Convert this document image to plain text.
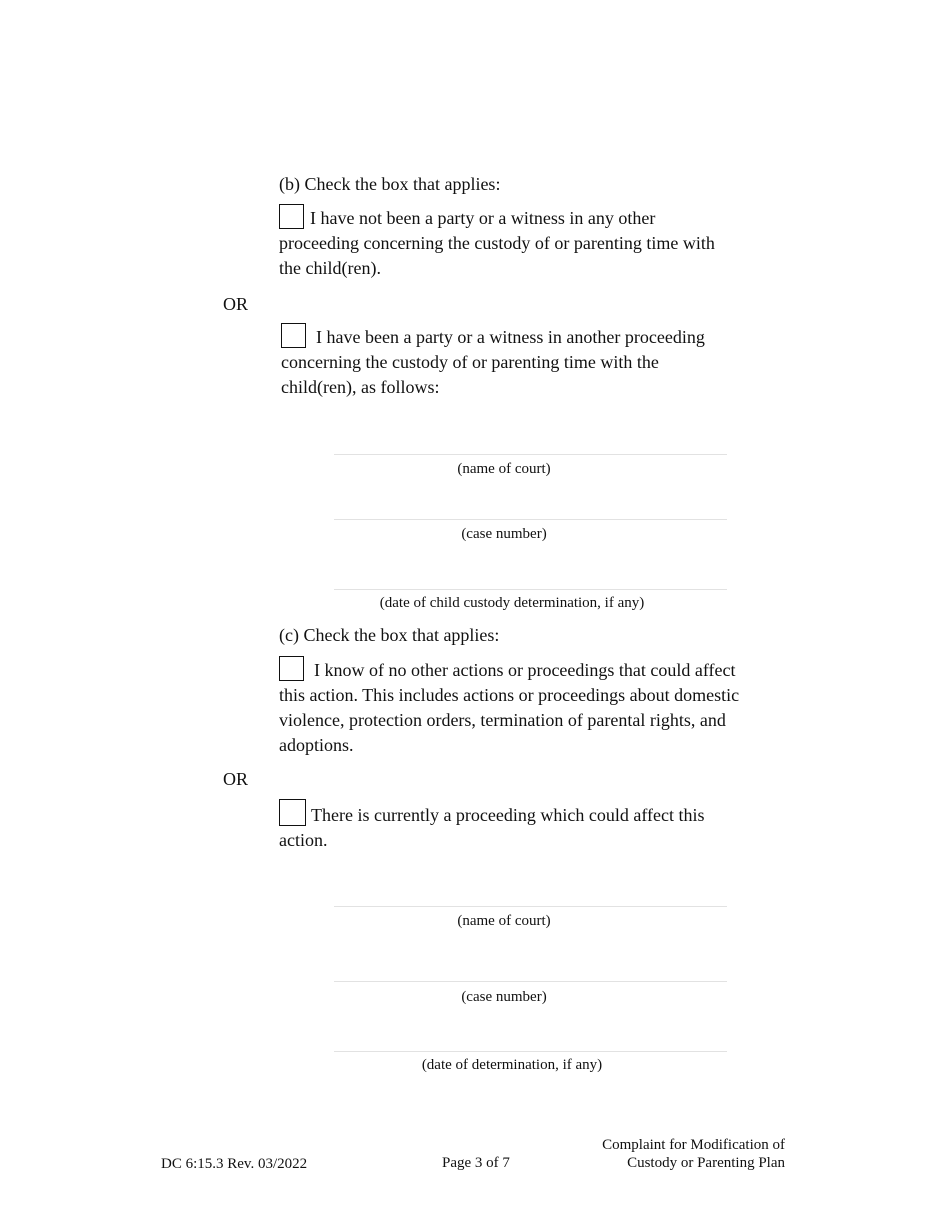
(b) Check the box that applies:
I have not been a party or a witness in any other proceeding concerning the custody of or parenting time with the child(ren).
OR
I have been a party or a witness in another proceeding concerning the custody of or parenting time with the child(ren), as follows:
(name of court)
(case number)
(date of child custody determination, if any)
(c) Check the box that applies:
I know of no other actions or proceedings that could affect this action. This includes actions or proceedings about domestic violence, protection orders, termination of parental rights, and adoptions.
OR
There is currently a proceeding which could affect this action.
(name of court)
(case number)
(date of determination, if any)
DC 6:15.3 Rev. 03/2022	Page 3 of 7
Complaint for Modification of
Custody or Parenting Plan
